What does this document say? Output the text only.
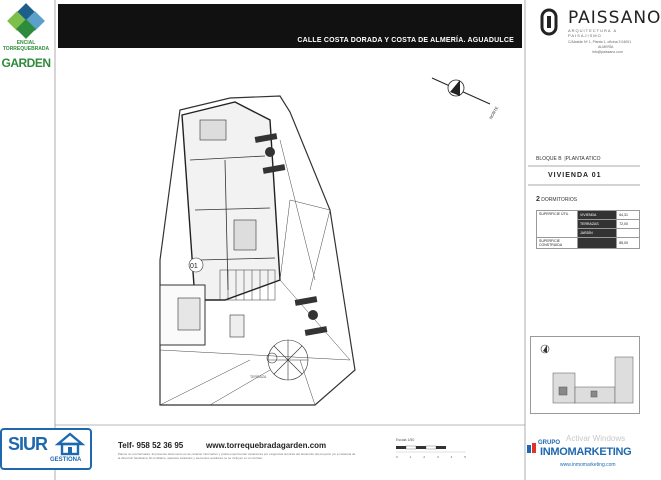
ENCIAL
TORREQUEBRADA
GARDEN
CALLE COSTA DORADA Y COSTA DE ALMERÍA. AGUADULCE
PAISSANO
ARQUITECTURA & PAISAJISMO
C/Alcalde Nº 1, Planta 1, oficina 3 04001
ALMERÍA
info@paissano.com
BLOQUE B  |PLANTA ATICO
VIVIENDA 01
2 DORMITORIOS
SUPERFICIE ÚTIL	VIVIENDA	64,31
	TERRAZAS	72,00
	JARDÍN	
SUPERFICIE CONSTRUIDA		85,00
01
TERRAZA
NORTE
SIUR
GESTIONA
Telf- 958 52 36 95	www.torrequebradagarden.com
Planos no contractuales. El presente documento es de carácter informativo y podrá experimentar variaciones por exigencias técnicas del desarrollo del proyecto y/o a instancia de la dirección facultativa. El mobiliario, aparatos sanitarios y elementos auxiliares no se incluyen en el contrato.
Escala 1/50
0	1	2	3	4	5
Activar Windows
GRUPO
INMOMARKETING
www.inmomarketing.com
